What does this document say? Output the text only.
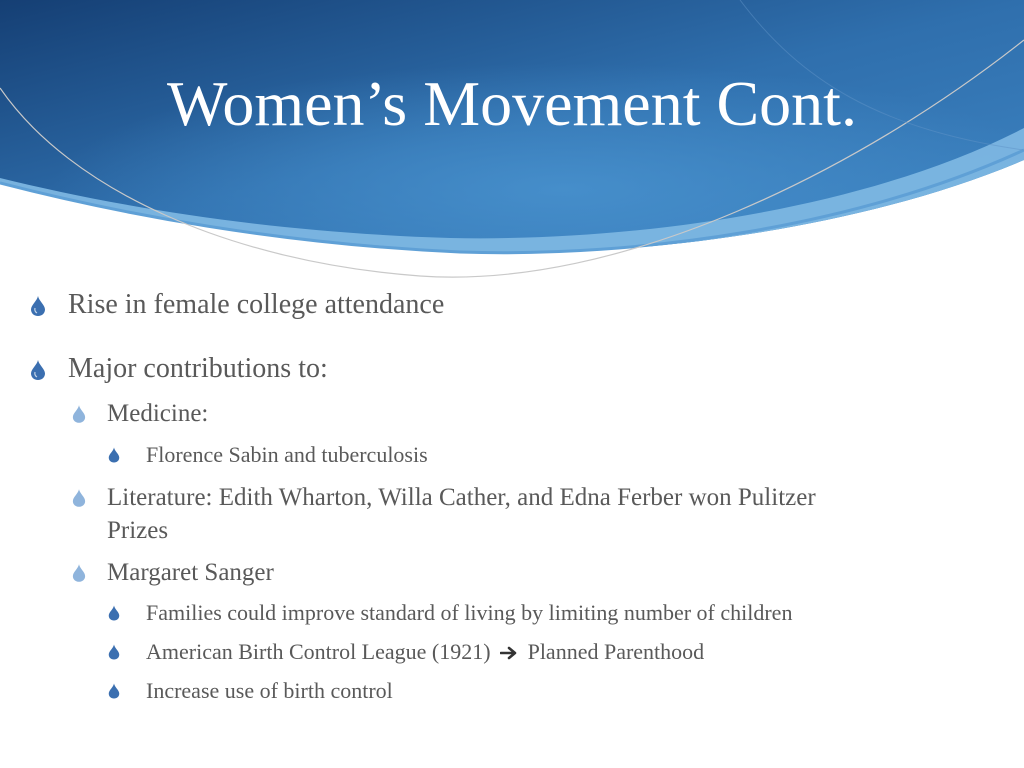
Women’s Movement Cont.
Rise in female college attendance
Major contributions to:
Medicine:
Florence Sabin and tuberculosis
Literature: Edith Wharton, Willa Cather, and Edna Ferber won Pulitzer
Prizes
Margaret Sanger
Families could improve standard of living by limiting number of children
American Birth Control League (1921) Planned Parenthood
Increase use of birth control
